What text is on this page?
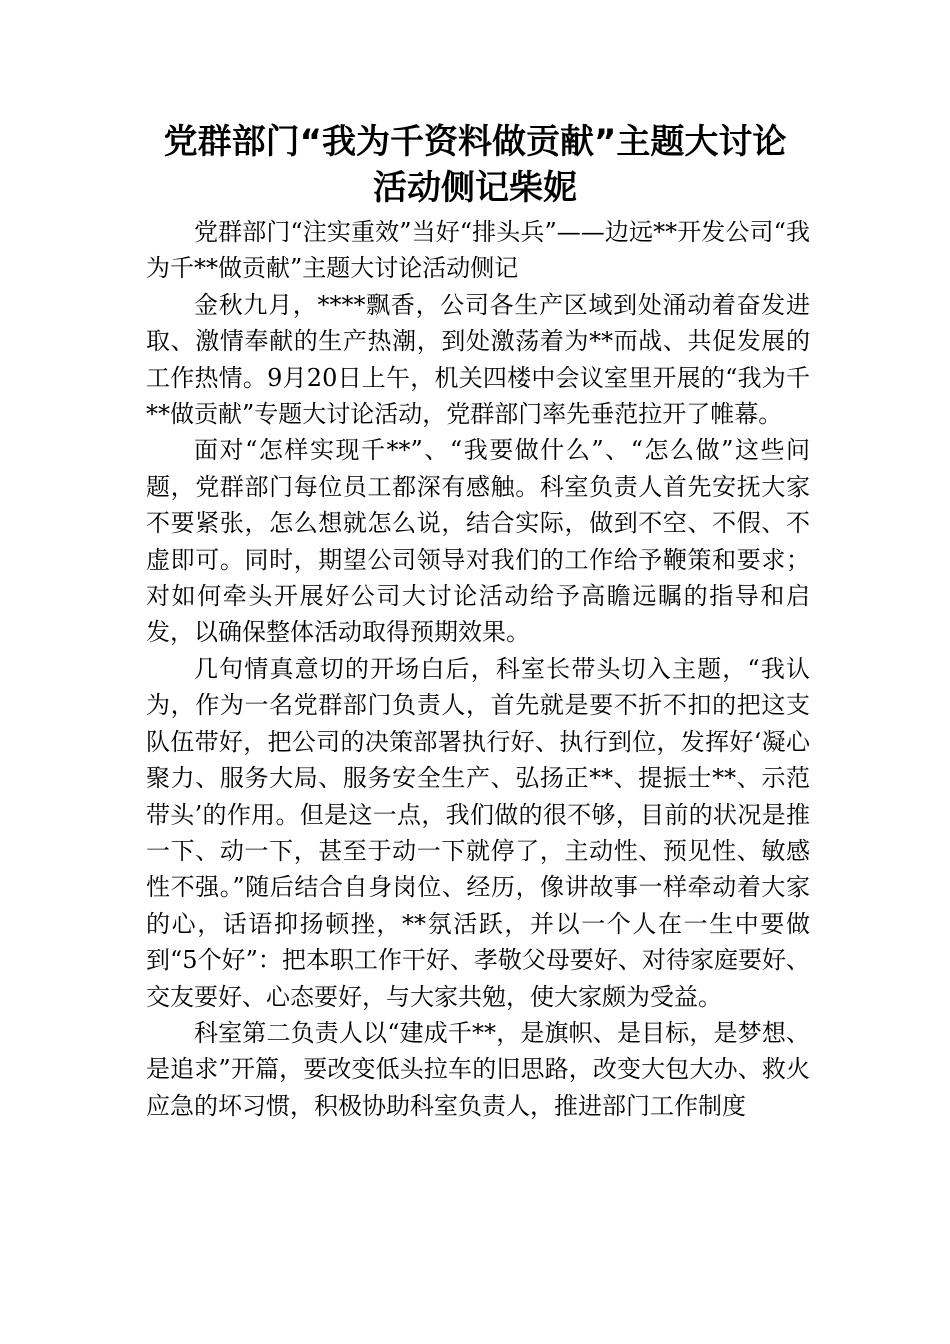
党群部门“我为千资料做贡献”主题大讨论
活动侧记柴妮

党群部门“注实重效”当好“排头兵”——边远**开发公司“我为千**做贡献”主题大讨论活动侧记

金秋九月，****飘香，公司各生产区域到处涌动着奋发进取、激情奉献的生产热潮，到处激荡着为**而战、共促发展的工作热情。9月20日上午，机关四楼中会议室里开展的“我为千**做贡献”专题大讨论活动，党群部门率先垂范拉开了帷幕。

面对“怎样实现千**”、“我要做什么”、“怎么做”这些问题，党群部门每位员工都深有感触。科室负责人首先安抚大家不要紧张，怎么想就怎么说，结合实际，做到不空、不假、不虚即可。同时，期望公司领导对我们的工作给予鞭策和要求；对如何牵头开展好公司大讨论活动给予高瞻远瞩的指导和启发，以确保整体活动取得预期效果。

几句情真意切的开场白后，科室长带头切入主题，“我认为，作为一名党群部门负责人，首先就是要不折不扣的把这支队伍带好，把公司的决策部署执行好、执行到位，发挥好‘凝心聚力、服务大局、服务安全生产、弘扬正**、提振士**、示范带头’的作用。但是这一点，我们做的很不够，目前的状况是推一下、动一下，甚至于动一下就停了，主动性、预见性、敏感性不强。”随后结合自身岗位、经历，像讲故事一样牵动着大家的心，话语抑扬顿挫，**氛活跃，并以一个人在一生中要做到“5个好”：把本职工作干好、孝敬父母要好、对待家庭要好、交友要好、心态要好，与大家共勉，使大家颇为受益。

科室第二负责人以“建成千**，是旗帜、是目标，是梦想、是追求”开篇，要改变低头拉车的旧思路，改变大包大办、救火应急的坏习惯，积极协助科室负责人，推进部门工作制度
